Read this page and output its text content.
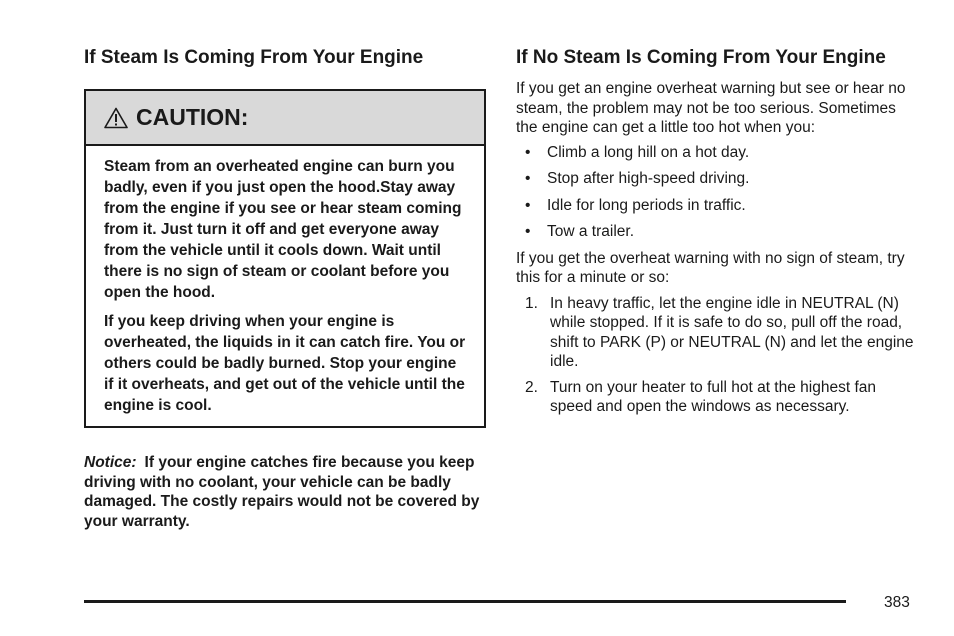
If Steam Is Coming From Your Engine
CAUTION:

Steam from an overheated engine can burn you badly, even if you just open the hood.Stay away from the engine if you see or hear steam coming from it. Just turn it off and get everyone away from the vehicle until it cools down. Wait until there is no sign of steam or coolant before you open the hood.

If you keep driving when your engine is overheated, the liquids in it can catch fire. You or others could be badly burned. Stop your engine if it overheats, and get out of the vehicle until the engine is cool.

Notice: If your engine catches fire because you keep driving with no coolant, your vehicle can be badly damaged. The costly repairs would not be covered by your warranty.
If No Steam Is Coming From Your Engine

If you get an engine overheat warning but see or hear no steam, the problem may not be too serious. Sometimes the engine can get a little too hot when you:

• Climb a long hill on a hot day.
• Stop after high-speed driving.
• Idle for long periods in traffic.
• Tow a trailer.

If you get the overheat warning with no sign of steam, try this for a minute or so:

1. In heavy traffic, let the engine idle in NEUTRAL (N) while stopped. If it is safe to do so, pull off the road, shift to PARK (P) or NEUTRAL (N) and let the engine idle.
2. Turn on your heater to full hot at the highest fan speed and open the windows as necessary.
383
